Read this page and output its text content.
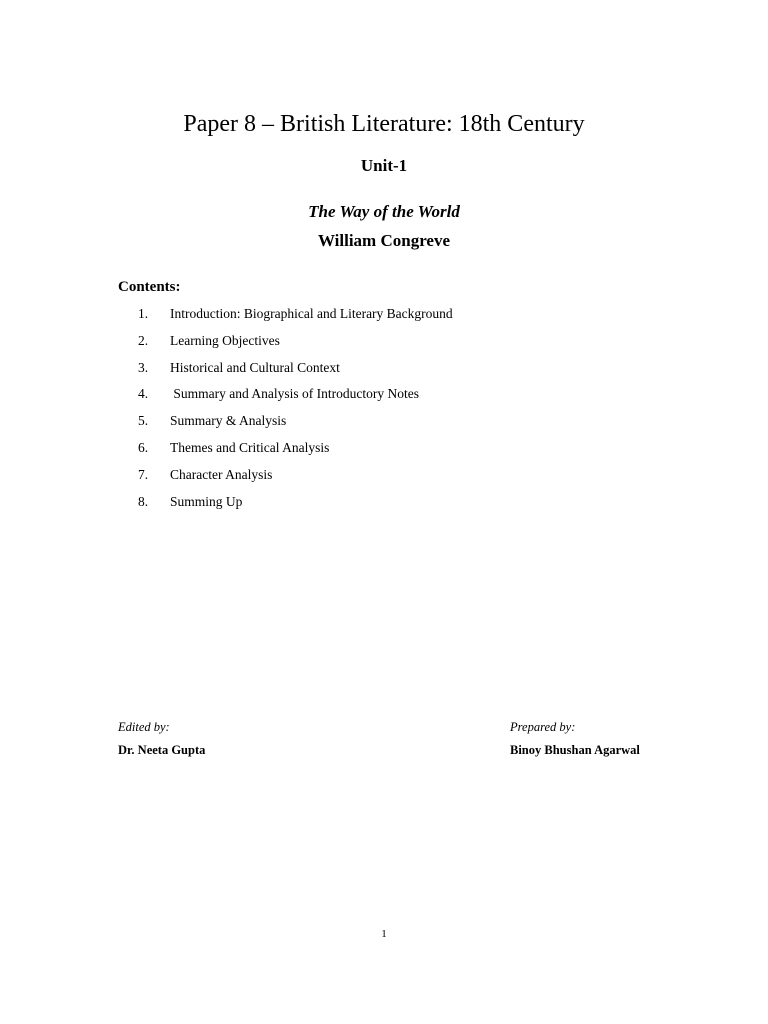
Paper 8 – British Literature: 18th Century
Unit-1
The Way of the World
William Congreve
Contents:
1. Introduction: Biographical and Literary Background
2. Learning Objectives
3. Historical and Cultural Context
4. Summary and Analysis of Introductory Notes
5. Summary & Analysis
6. Themes and Critical Analysis
7. Character Analysis
8. Summing Up
Edited by:
Dr. Neeta Gupta
Prepared by:
Binoy Bhushan Agarwal
1
